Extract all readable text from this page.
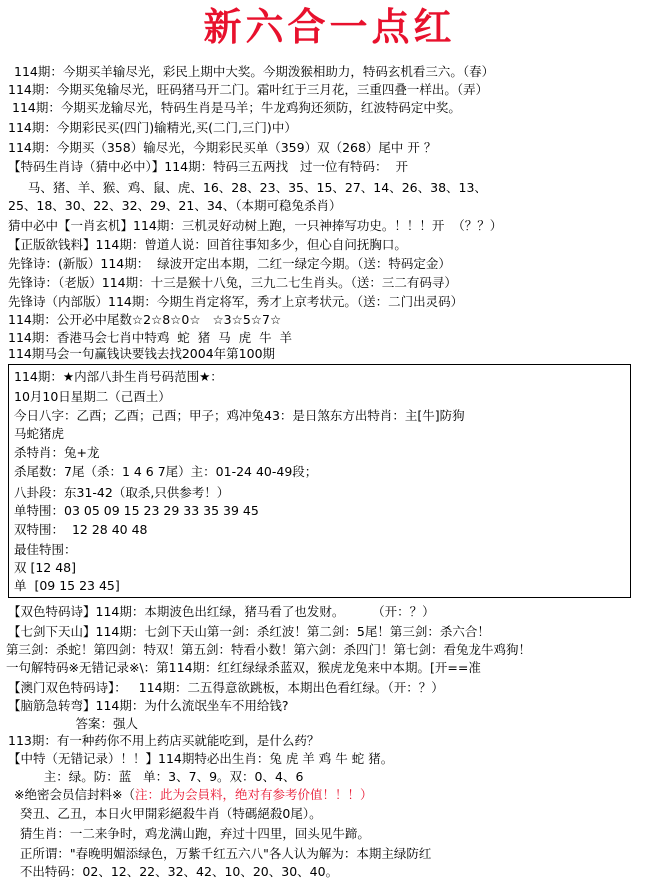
新六合一点红
114期：今期买羊输尽光，彩民上期中大奖。今期泼猴相助力，特码玄机看三六。（春）
114期：今期买兔输尽光，旺码猪马开二门。霜叶红于三月花，三重四叠一样出。（弄）
114期：今期买龙输尽光，特码生肖是马羊；牛龙鸡狗还须防，红波特码定中奖。
114期：今期彩民买(四门)输精光,买(二门,三门)中）
114期：今期买（358）输尽光，今期彩民买单（359）双（268）尾中 开 ？
【特码生肖诗（猜中必中）】114期：特码三五两找   过一位有特码：  开
马、猪、羊、猴、鸡、鼠、虎、16、28、23、35、15、27、14、26、38、13、
25、18、30、22、32、29、21、34、（本期可稳兔杀肖）
猜中必中【一肖玄机】114期：三机灵好动树上跑，一只神捧写功史。！！！开  （？？）
【正版欲钱料】114期：曾道人说：回首往事知多少，但心自问抚胸口。
先锋诗：(新版）114期：  绿波开定出本期，二红一绿定今期。（送：特码定金）
先锋诗：（老版）114期：十三是猴十八兔，三九二七生肖头。（送：三二有码寻）
先锋诗（内部版）114期：今期生肖定将军，秀才上京考状元。（送：二门出灵码）
114期：公开必中尾数☆2☆8☆0☆   ☆3☆5☆7☆
114期：香港马会七肖中特鸡  蛇  猪  马  虎  牛  羊
114期马会一句赢钱诀要钱去找2004年第100期
114期：★内部八卦生肖号码范围★：
10月10日星期二（己酉土）
今日八字：乙酉；乙酉；己酉；甲子；鸡冲兔43：是日煞东方出特肖：主[牛]防狗
马蛇猪虎
杀特肖：兔+龙
杀尾数：7尾（杀：1 4 6 7尾）主：01-24 40-49段；
八卦段：东31-42（取杀,只供参考！）
单特围：03 05 09 15 23 29 33 35 39 45
双特围：  12 28 40 48
最佳特围：
双 [12 48]
单  [09 15 23 45]
【双色特码诗】114期：本期波色出红绿，猪马看了也发财。       （开：？）
【七剑下天山】114期：七剑下天山第一剑：杀红波！第二剑：5尾！第三剑：杀六合！
第三剑：杀蛇！第四剑：特双！第五剑：特看小数！第六剑：杀四门！第七剑：看兔龙牛鸡狗！
一句解特码※无错记录※\：第114期：红红绿绿杀蓝双，猴虎龙兔来中本期。[开==准
【澳门双色特码诗】：   114期：二五得意欲跳板，本期出色看红绿。（开：？）
【脑筋急转弯】114期：为什么流氓坐车不用给钱?
答案：强人
113期：有一种药你不用上药店买就能吃到，是什么药？
【中特（无错记录）！！】114期特必出生肖：兔 虎 羊 鸡 牛 蛇 猪。
主：绿。防：蓝   单：3、7、9。双：0、4、6
※绝密会员信封料※（注：此为会員料，绝对有参考价值！！！）
癸丑、乙丑，本日火甲開彩絕殺牛肖（特碼絕殺0尾）。
猜生肖：一二来争时，鸡龙满山跑，弃过十四里，回头见牛蹄。
正所谓："春晚明媚添绿色，万紫千红五六八"各人认为解为：本期主绿防红
不出特码：02、12、22、32、42、10、20、30、40。
